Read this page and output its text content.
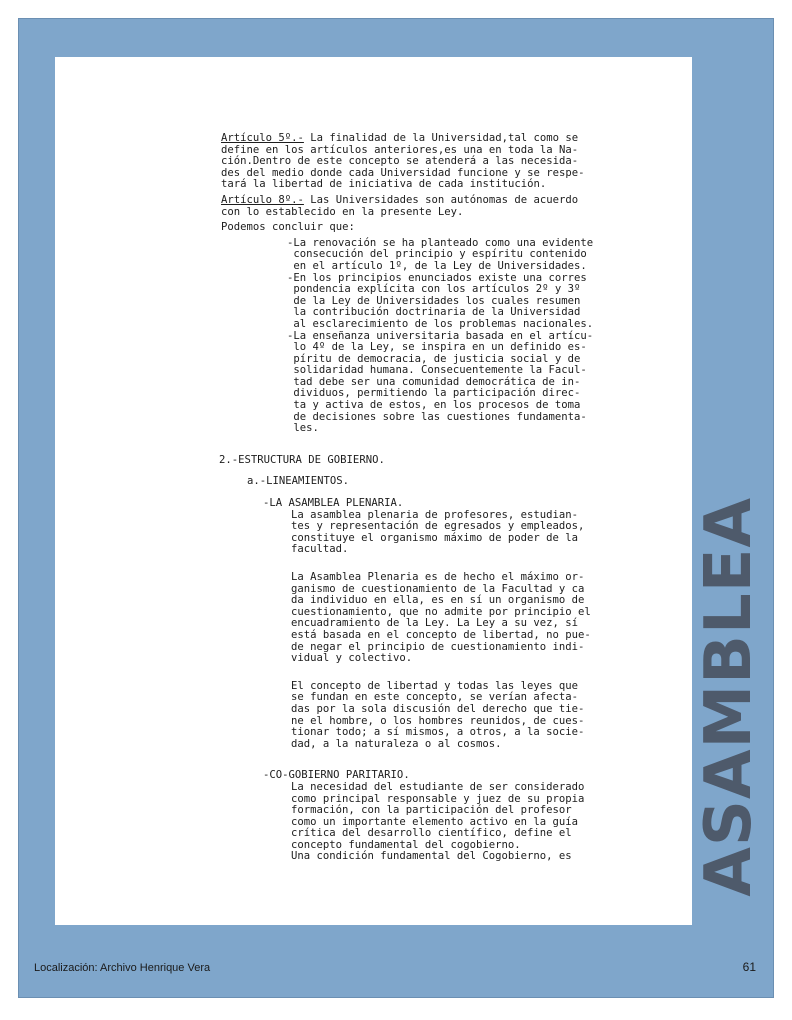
Artículo 5º.- La finalidad de la Universidad,tal como se
define en los artículos anteriores,es una en toda la Na-
ción.Dentro de este concepto se atenderá a las necesida-
des del medio donde cada Universidad funcione y se respe-
tará la libertad de iniciativa de cada institución.

Artículo 8º.- Las Universidades son autónomas de acuerdo
con lo establecido en la presente Ley.

Podemos concluir que:

-La renovación se ha planteado como una evidente

consecución del principio y espíritu contenido

en el artículo 1º, de la Ley de Universidades.

-En los principios enunciados existe una corres

pondencia explícita con los artículos 2º y 3º

de la Ley de Universidades los cuales resumen

la contribución doctrinaria de la Universidad

al esclarecimiento de los problemas nacionales.

-La enseñanza universitaria basada en el artícu-

lo 4º de la Ley, se inspira en un definido es-

píritu de democracia, de justicia social y de

solidaridad humana. Consecuentemente la Facul-

tad debe ser una comunidad democrática de in-

dividuos, permitiendo la participación direc-

ta y activa de estos, en los procesos de toma

de decisiones sobre las cuestiones fundamenta-

les.

2.-ESTRUCTURA DE GOBIERNO.

a.-LINEAMIENTOS.

-LA ASAMBLEA PLENARIA.

La asamblea plenaria de profesores, estudian-

tes y representación de egresados y empleados,

constituye el organismo máximo de poder de la

facultad.

La Asamblea Plenaria es de hecho el máximo or-

ganismo de cuestionamiento de la Facultad y ca

da individuo en ella, es en sí un organismo de

cuestionamiento, que no admite por principio el

encuadramiento de la Ley. La Ley a su vez, sí

está basada en el concepto de libertad, no pue-

de negar el principio de cuestionamiento indi-

vidual y colectivo.

El concepto de libertad y todas las leyes que

se fundan en este concepto, se verían afecta-

das por la sola discusión del derecho que tie-

ne el hombre, o los hombres reunidos, de cues-

tionar todo; a sí mismos, a otros, a la socie-

dad, a la naturaleza o al cosmos.

-CO-GOBIERNO PARITARIO.

La necesidad del estudiante de ser considerado

como principal responsable y juez de su propia

formación, con la participación del profesor

como un importante elemento activo en la guía

crítica del desarrollo científico, define el

concepto fundamental del cogobierno.

Una condición fundamental del Cogobierno, es	ASAMBLEA
Localización: Archivo Henrique Vera	61
